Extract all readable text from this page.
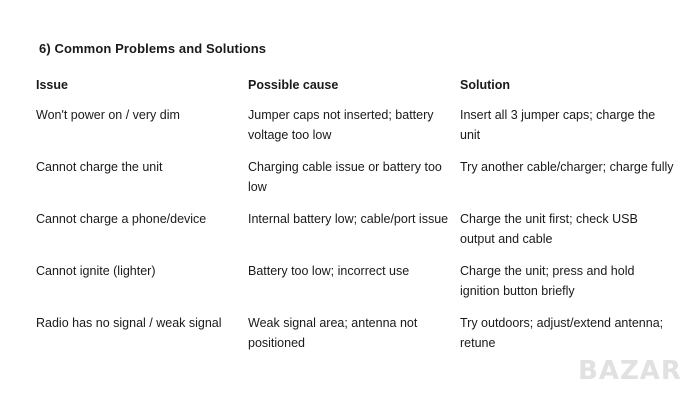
6) Common Problems and Solutions
Issue	Possible cause	Solution
Won't power on / very dim	Jumper caps not inserted; battery voltage too low	Insert all 3 jumper caps; charge the unit
Cannot charge the unit	Charging cable issue or battery too low	Try another cable/charger; charge fully
Cannot charge a phone/device	Internal battery low; cable/port issue	Charge the unit first; check USB output and cable
Cannot ignite (lighter)	Battery too low; incorrect use	Charge the unit; press and hold ignition button briefly
Radio has no signal / weak signal	Weak signal area; antenna not positioned	Try outdoors; adjust/extend antenna; retune
BAZAR
